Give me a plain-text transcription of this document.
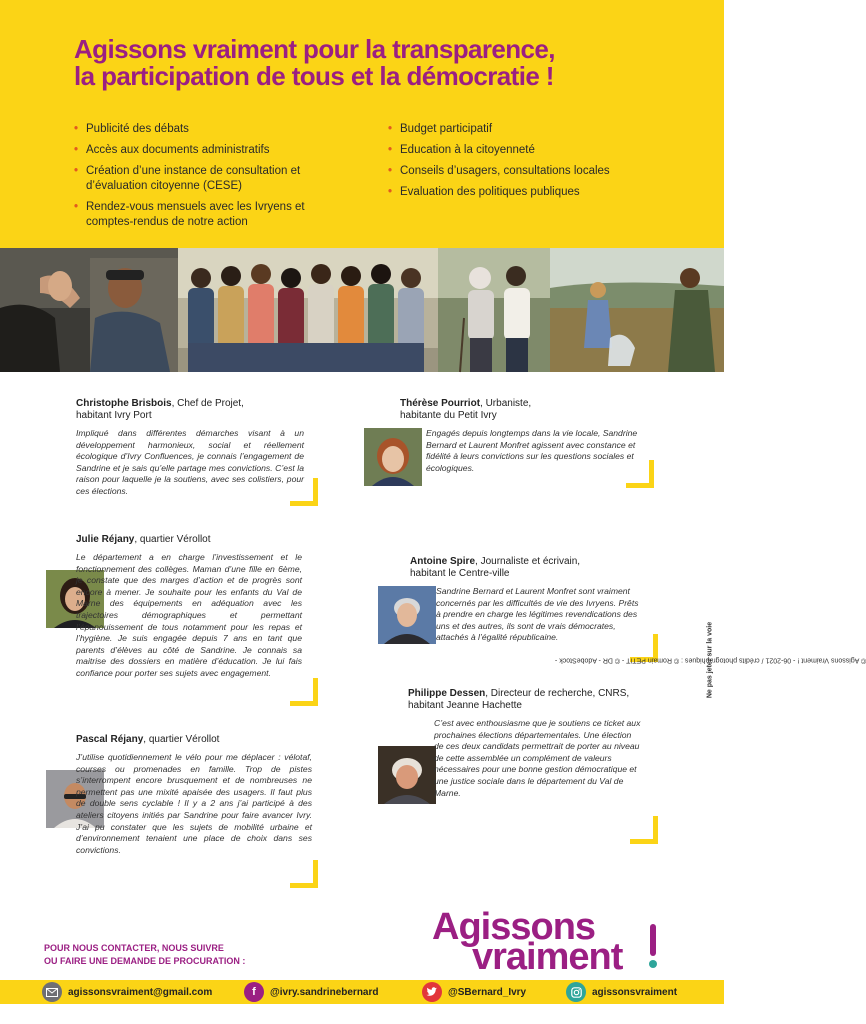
Agissons vraiment pour la transparence,
la participation de tous et la démocratie !
• Publicité des débats
• Accès aux documents administratifs
• Création d’une instance de consultation et d’évaluation citoyenne (CESE)
• Rendez-vous mensuels avec les Ivryens et comptes-rendus de notre action
• Budget participatif
• Education à la citoyenneté
• Conseils d’usagers, consultations locales
• Evaluation des politiques publiques
Christophe Brisbois, Chef de Projet,
habitant Ivry Port

Impliqué dans différentes démarches visant à un développement harmonieux, social et réellement écologique d’Ivry Confluences, je connais l’engagement de Sandrine et je sais qu’elle partage mes convictions. C’est la raison pour laquelle je la soutiens, avec ses colistiers, pour ces élections.

Thérèse Pourriot, Urbaniste,
habitante du Petit Ivry

Engagés depuis longtemps dans la vie locale, Sandrine Bernard et Laurent Monfret agissent avec constance et fidélité à leurs convictions sur les questions sociales et écologiques.

Julie Réjany, quartier Vérollot

Le département a en charge l’investissement et le fonctionnement des collèges. Maman d’une fille en 6ème, je constate que des marges d’action et de progrès sont encore à mener. Je souhaite pour les enfants du Val de Marne des équipements en adéquation avec les trajectoires démographiques et permettant l’épanouissement de tous notamment pour les repas et l’hygiène. Je suis engagée depuis 7 ans en tant que parents d’élèves au côté de Sandrine. Je connais sa maitrise des dossiers en matière d’éducation. Je lui fais confiance pour porter ses sujets avec engagement.

Antoine Spire, Journaliste et écrivain,
habitant le Centre-ville

Sandrine Bernard et Laurent Monfret sont vraiment concernés par les difficultés de vie des Ivryens. Prêts à prendre en charge les légitimes revendications des uns et des autres, ils sont de vrais démocrates, attachés à l’égalité républicaine.

Pascal Réjany, quartier Vérollot

J’utilise quotidiennement le vélo pour me déplacer : vélotaf, courses ou promenades en famille. Trop de pistes s’interrompent encore brusquement et de nombreuses ne permettent pas une mixité apaisée des usagers. Il faut plus de double sens cyclable ! Il y a 2 ans j’ai participé à des ateliers citoyens initiés par Sandrine pour faire avancer Ivry. J’ai pu constater que les sujets de mobilité urbaine et d’environnement tenaient une place de choix dans ses convictions.

Philippe Dessen, Directeur de recherche, CNRS,
habitant Jeanne Hachette

C’est avec enthousiasme que je soutiens ce ticket aux prochaines élections départementales. Une élection de ces deux candidats permettrait de porter au niveau de cette assemblée un complément de valeurs nécessaires pour une bonne gestion démocratique et une justice sociale dans le département du Val de Marne.

© Agissons Vraiment ! - 06-2021 / crédits photographiques : © Romain PETIT - © DR - AdobeStock -
Ne pas jeter sur la voie
POUR NOUS CONTACTER, NOUS SUIVRE
OU FAIRE UNE DEMANDE DE PROCURATION :
Agissons
vraiment
agissonsvraiment@gmail.com	f	@ivry.sandrinebernard	@SBernard_Ivry	agissonsvraiment
